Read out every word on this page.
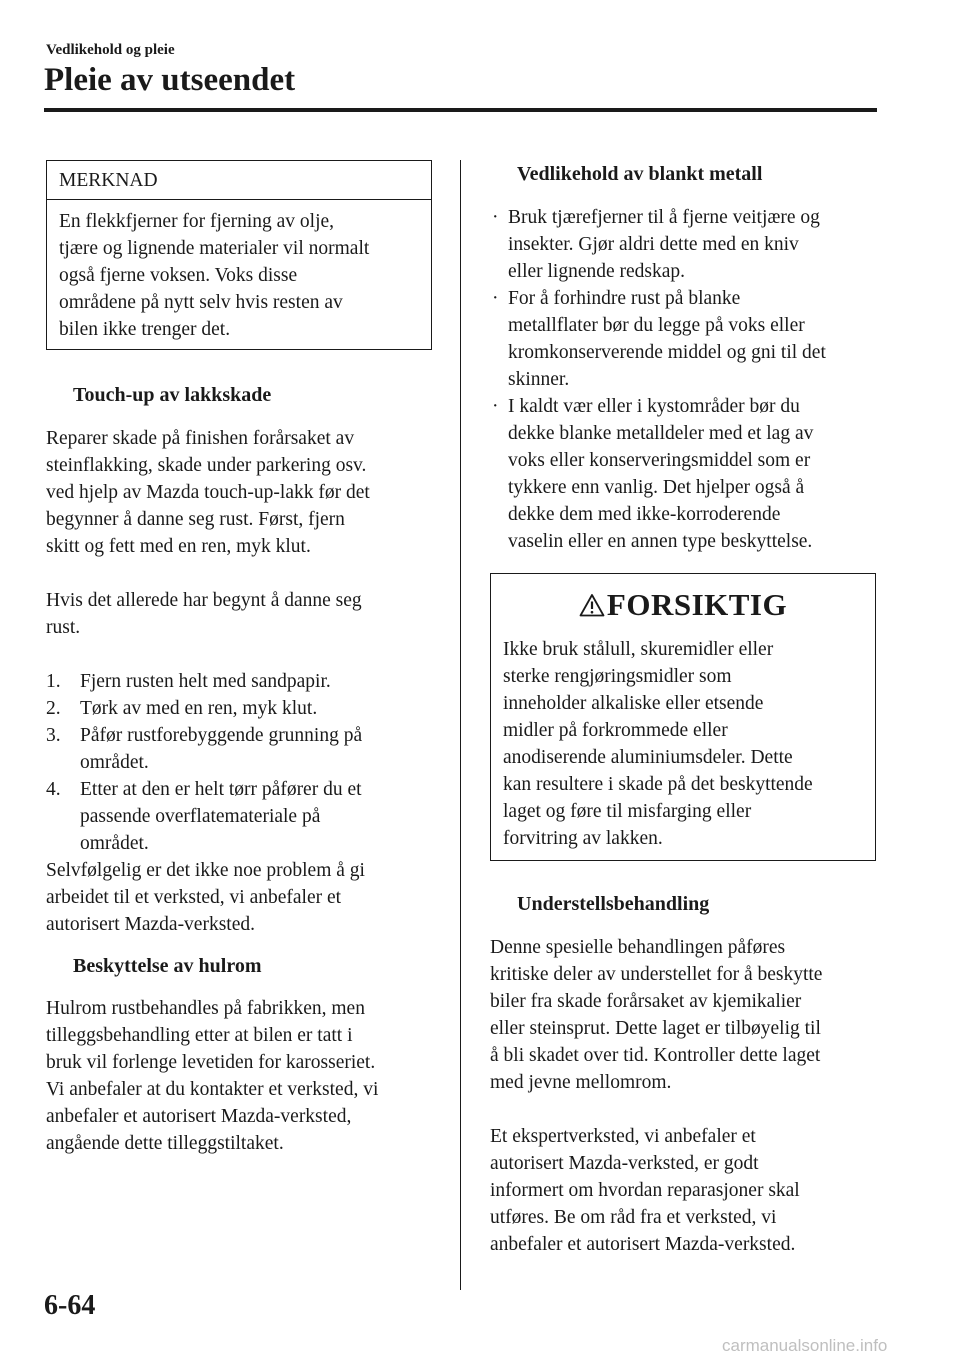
Vedlikehold og pleie
Pleie av utseendet
MERKNAD
En flekkfjerner for fjerning av olje,
tjære og lignende materialer vil normalt
også fjerne voksen. Voks disse
områdene på nytt selv hvis resten av
bilen ikke trenger det.
Touch-up av lakkskade
Reparer skade på finishen forårsaket av
steinflakking, skade under parkering osv.
ved hjelp av Mazda touch-up-lakk før det
begynner å danne seg rust. Først, fjern
skitt og fett med en ren, myk klut.
Hvis det allerede har begynt å danne seg
rust.
1. Fjern rusten helt med sandpapir.
2. Tørk av med en ren, myk klut.
3. Påfør rustforebyggende grunning på
området.
4. Etter at den er helt tørr påfører du et
passende overflatemateriale på
området.
Selvfølgelig er det ikke noe problem å gi
arbeidet til et verksted, vi anbefaler et
autorisert Mazda-verksted.
Beskyttelse av hulrom
Hulrom rustbehandles på fabrikken, men
tilleggsbehandling etter at bilen er tatt i
bruk vil forlenge levetiden for karosseriet.
Vi anbefaler at du kontakter et verksted, vi
anbefaler et autorisert Mazda-verksted,
angående dette tilleggstiltaket.
Vedlikehold av blankt metall
· Bruk tjærefjerner til å fjerne veitjære og
insekter. Gjør aldri dette med en kniv
eller lignende redskap.
· For å forhindre rust på blanke
metallflater bør du legge på voks eller
kromkonserverende middel og gni til det
skinner.
· I kaldt vær eller i kystområder bør du
dekke blanke metalldeler med et lag av
voks eller konserveringsmiddel som er
tykkere enn vanlig. Det hjelper også å
dekke dem med ikke-korroderende
vaselin eller en annen type beskyttelse.
FORSIKTIG
Ikke bruk stålull, skuremidler eller
sterke rengjøringsmidler som
inneholder alkaliske eller etsende
midler på forkrommede eller
anodiserende aluminiumsdeler. Dette
kan resultere i skade på det beskyttende
laget og føre til misfarging eller
forvitring av lakken.
Understellsbehandling
Denne spesielle behandlingen påføres
kritiske deler av understellet for å beskytte
biler fra skade forårsaket av kjemikalier
eller steinsprut. Dette laget er tilbøyelig til
å bli skadet over tid. Kontroller dette laget
med jevne mellomrom.
Et ekspertverksted, vi anbefaler et
autorisert Mazda-verksted, er godt
informert om hvordan reparasjoner skal
utføres. Be om råd fra et verksted, vi
anbefaler et autorisert Mazda-verksted.
6-64
carmanualsonline.info
